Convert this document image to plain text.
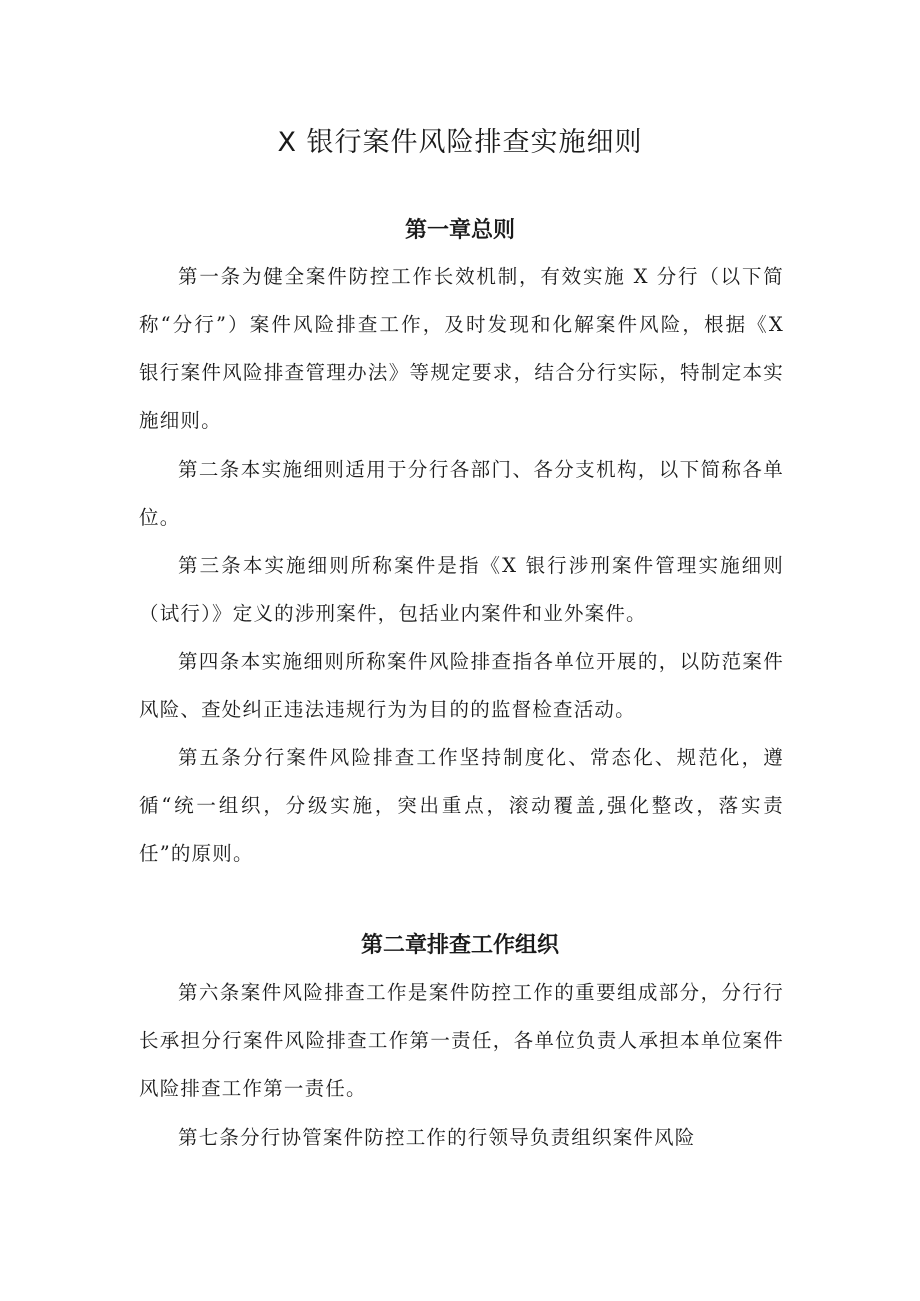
X 银行案件风险排查实施细则
第一章总则

第一条为健全案件防控工作长效机制，有效实施 X 分行（以下简称“分行”）案件风险排查工作，及时发现和化解案件风险，根据《X 银行案件风险排查管理办法》等规定要求，结合分行实际，特制定本实施细则。

第二条本实施细则适用于分行各部门、各分支机构，以下简称各单位。

第三条本实施细则所称案件是指《X 银行涉刑案件管理实施细则（试行）》定义的涉刑案件，包括业内案件和业外案件。

第四条本实施细则所称案件风险排查指各单位开展的，以防范案件风险、查处纠正违法违规行为为目的的监督检查活动。

第五条分行案件风险排查工作坚持制度化、常态化、规范化，遵循“统一组织，分级实施，突出重点，滚动覆盖,强化整改，落实责任”的原则。

第二章排查工作组织

第六条案件风险排查工作是案件防控工作的重要组成部分，分行行长承担分行案件风险排查工作第一责任，各单位负责人承担本单位案件风险排查工作第一责任。

第七条分行协管案件防控工作的行领导负责组织案件风险
